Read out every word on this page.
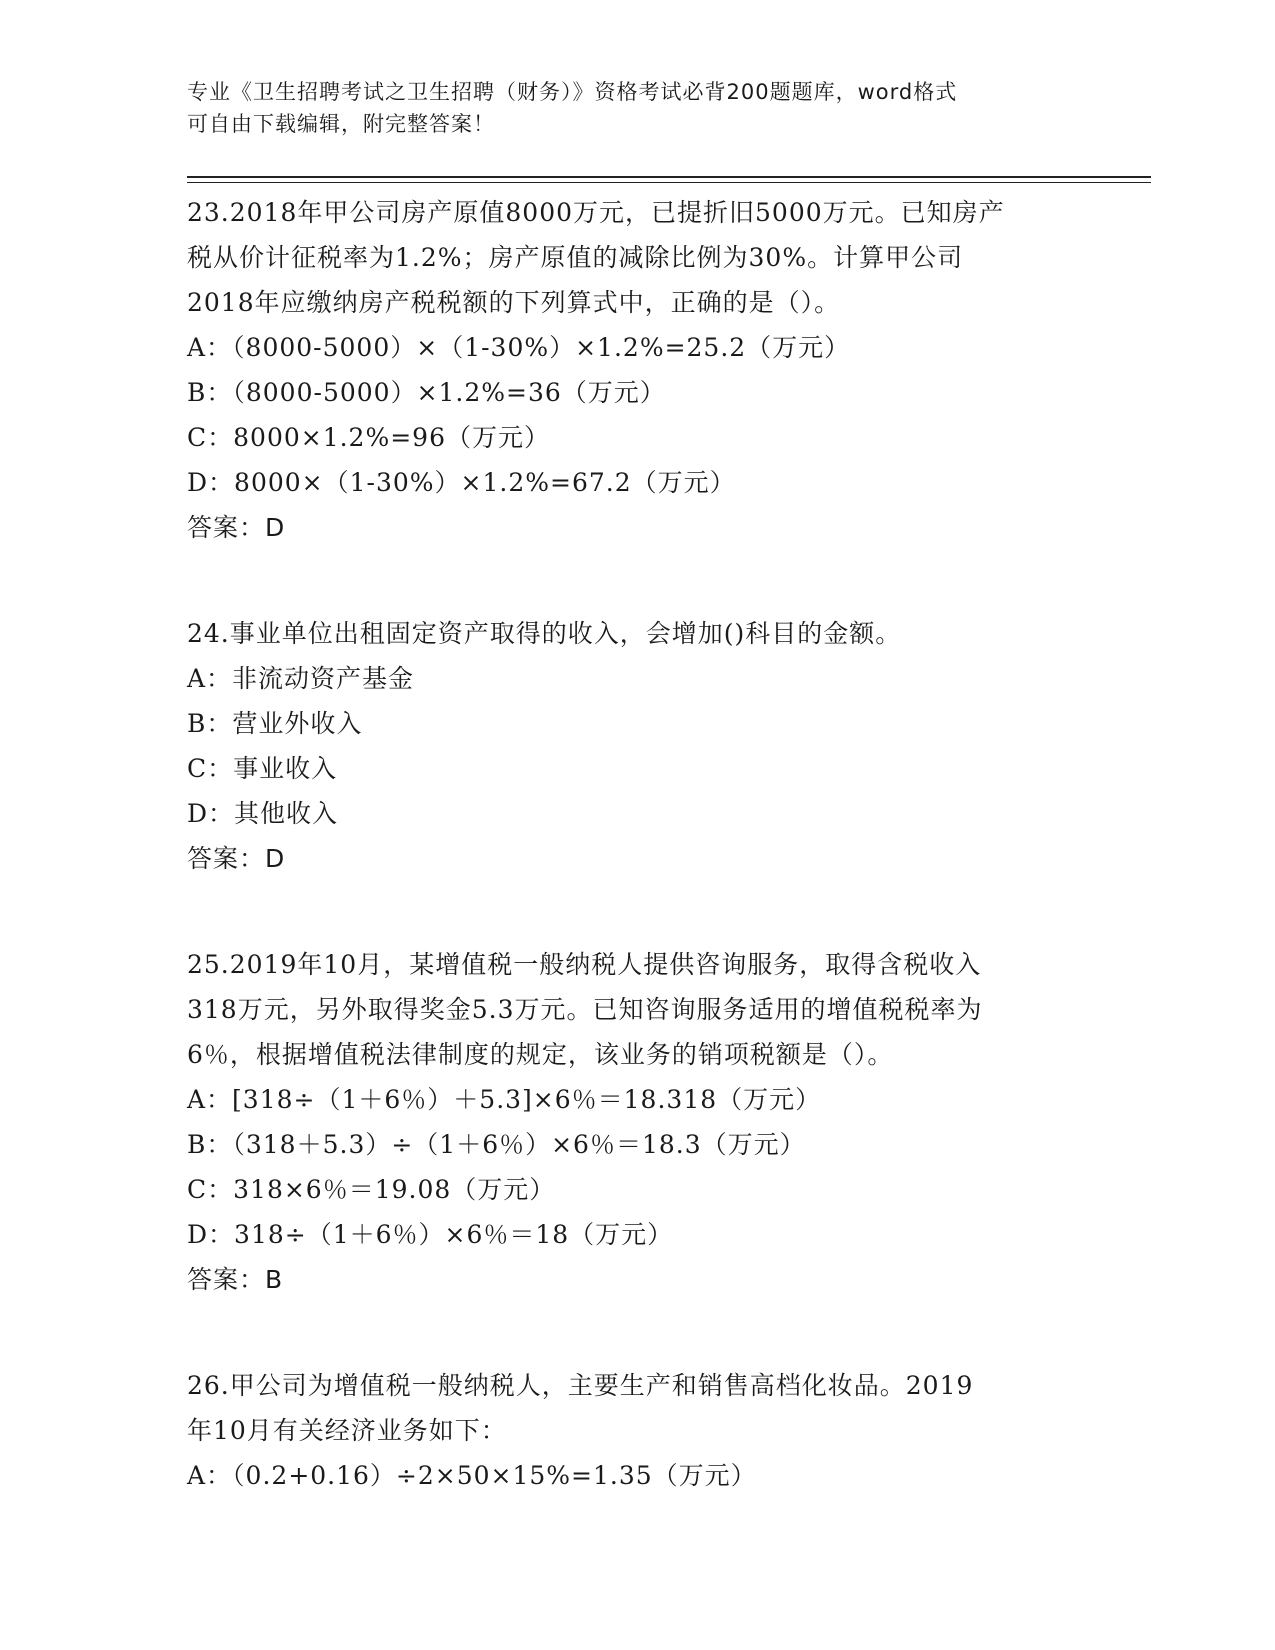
专业《卫生招聘考试之卫生招聘（财务）》资格考试必背200题题库，word格式
可自由下载编辑，附完整答案！
23.2018年甲公司房产原值8000万元，已提折旧5000万元。已知房产
税从价计征税率为1.2%；房产原值的减除比例为30%。计算甲公司
2018年应缴纳房产税税额的下列算式中，正确的是（）。
A：（8000-5000）×（1-30%）×1.2%=25.2（万元）
B：（8000-5000）×1.2%=36（万元）
C：8000×1.2%=96（万元）
D：8000×（1-30%）×1.2%=67.2（万元）
答案：D
24.事业单位出租固定资产取得的收入，会增加()科目的金额。
A：非流动资产基金
B：营业外收入
C：事业收入
D：其他收入
答案：D
25.2019年10月，某增值税一般纳税人提供咨询服务，取得含税收入
318万元，另外取得奖金5.3万元。已知咨询服务适用的增值税税率为
6％，根据增值税法律制度的规定，该业务的销项税额是（）。
A：[318÷（1＋6％）＋5.3]×6％＝18.318（万元）
B：（318＋5.3）÷（1＋6％）×6％＝18.3（万元）
C：318×6％＝19.08（万元）
D：318÷（1＋6％）×6％＝18（万元）
答案：B
26.甲公司为增值税一般纳税人，主要生产和销售高档化妆品。2019
年10月有关经济业务如下：
A：（0.2+0.16）÷2×50×15%=1.35（万元）
